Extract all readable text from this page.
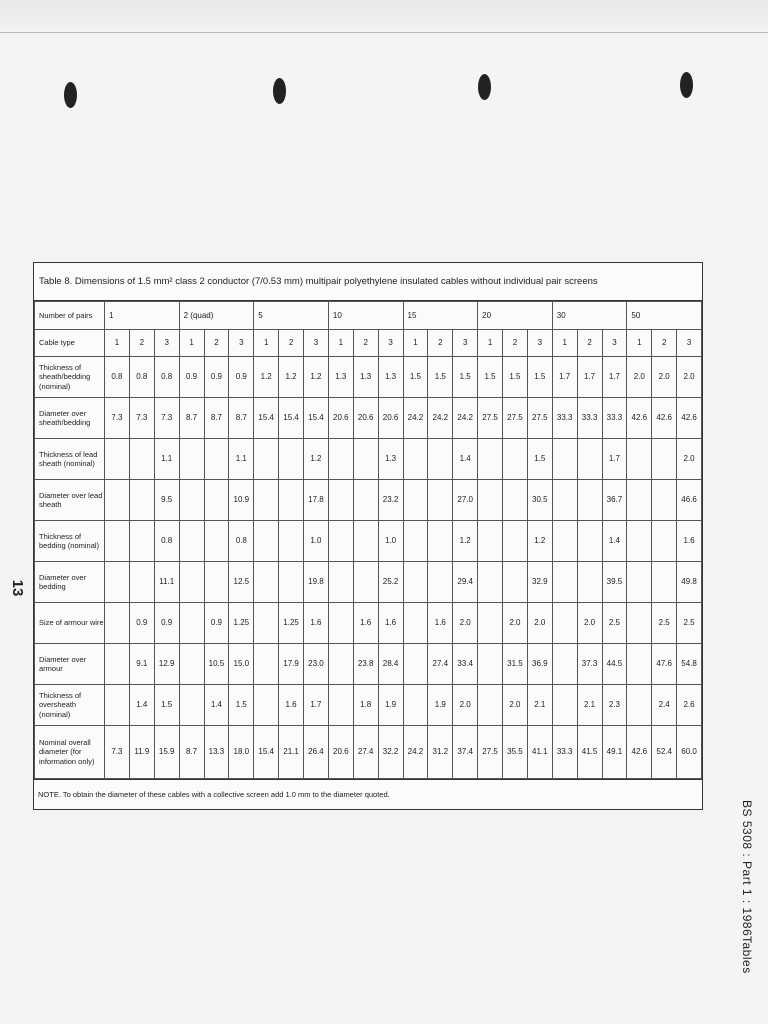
13
BS 5308 : Part 1 : 1986
Tables
Table 8. Dimensions of 1.5 mm² class 2 conductor (7/0.53 mm) multipair polyethylene insulated cables without individual pair screens
Number of pairs	1			2 (quad)			5			10			15			20			30			50		
Cable type	1	2	3	1	2	3	1	2	3	1	2	3	1	2	3	1	2	3	1	2	3	1	2	3
Thickness of sheath/bedding (nominal)	0.8	0.8	0.8	0.9	0.9	0.9	1.2	1.2	1.2	1.3	1.3	1.3	1.5	1.5	1.5	1.5	1.5	1.5	1.7	1.7	1.7	2.0	2.0	2.0
Diameter over sheath/bedding	7.3	7.3	7.3	8.7	8.7	8.7	15.4	15.4	15.4	20.6	20.6	20.6	24.2	24.2	24.2	27.5	27.5	27.5	33.3	33.3	33.3	42.6	42.6	42.6
Thickness of lead sheath (nominal)			1.1			1.1			1.2			1.3			1.4			1.5			1.7			2.0
Diameter over lead sheath			9.5			10.9			17.8			23.2			27.0			30.5			36.7			46.6
Thickness of bedding (nominal)			0.8			0.8			1.0			1.0			1.2			1.2			1.4			1.6
Diameter over bedding			11.1			12.5			19.8			25.2			29.4			32.9			39.5			49.8
Size of armour wire		0.9	0.9		0.9	1.25		1.25	1.6		1.6	1.6		1.6	2.0		2.0	2.0		2.0	2.5		2.5	2.5
Diameter over armour		9.1	12.9		10.5	15.0		17.9	23.0		23.8	28.4		27.4	33.4		31.5	36.9		37.3	44.5		47.6	54.8
Thickness of oversheath (nominal)		1.4	1.5		1.4	1.5		1.6	1.7		1.8	1.9		1.9	2.0		2.0	2.1		2.1	2.3		2.4	2.6
Nominal overall diameter (for information only)	7.3	11.9	15.9	8.7	13.3	18.0	15.4	21.1	26.4	20.6	27.4	32.2	24.2	31.2	37.4	27.5	35.5	41.1	33.3	41.5	49.1	42.6	52.4	60.0
NOTE. To obtain the diameter of these cables with a collective screen add 1.0 mm to the diameter quoted.
